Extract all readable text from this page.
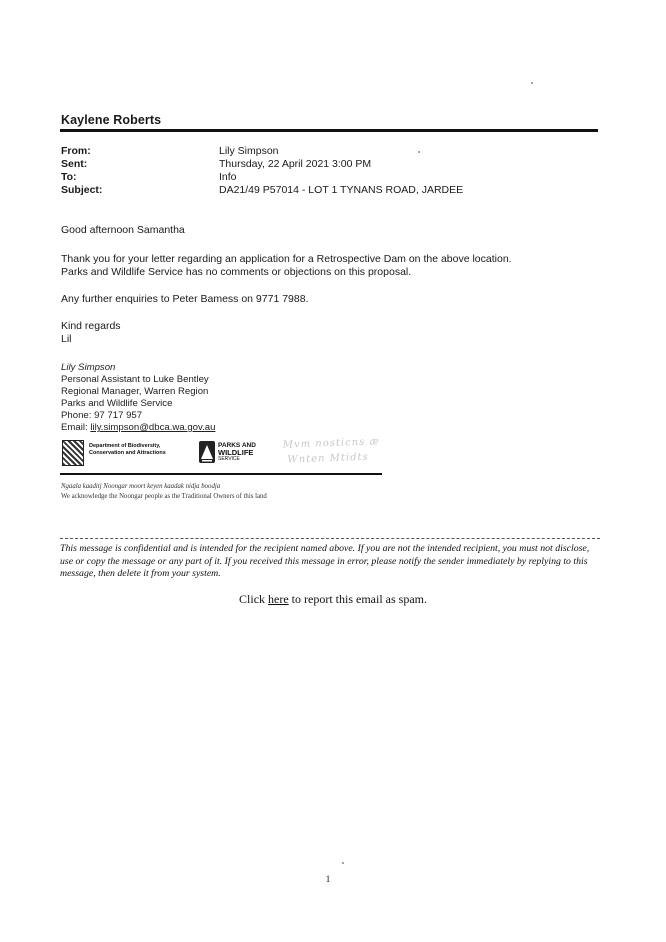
Kaylene Roberts
From:	Lily Simpson
Sent:	Thursday, 22 April 2021 3:00 PM
To:	Info
Subject:	DA21/49 P57014 - LOT 1 TYNANS ROAD, JARDEE
Good afternoon Samantha
Thank you for your letter regarding an application for a Retrospective Dam on the above location.
Parks and Wildlife Service has no comments or objections on this proposal.
Any further enquiries to Peter Bamess on 9771 7988.
Kind regards
Lil
Lily Simpson
Personal Assistant to Luke Bentley
Regional Manager, Warren Region
Parks and Wildlife Service
Phone: 97 717 957
Email: lily.simpson@dbca.wa.gov.au
Department of Biodiversity,
Conservation and Attractions
PARKS AND
WILDLIFE
SERVICE
Mvm nosticns æ
Wnten Mtidts
Ngaala kaaditj Noongar moort keyen kaadak nidja boodja
We acknowledge the Noongar people as the Traditional Owners of this land
This message is confidential and is intended for the recipient named above. If you are not the intended recipient, you must not disclose, use or copy the message or any part of it. If you received this message in error, please notify the sender immediately by replying to this message, then delete it from your system.
Click here to report this email as spam.
1
